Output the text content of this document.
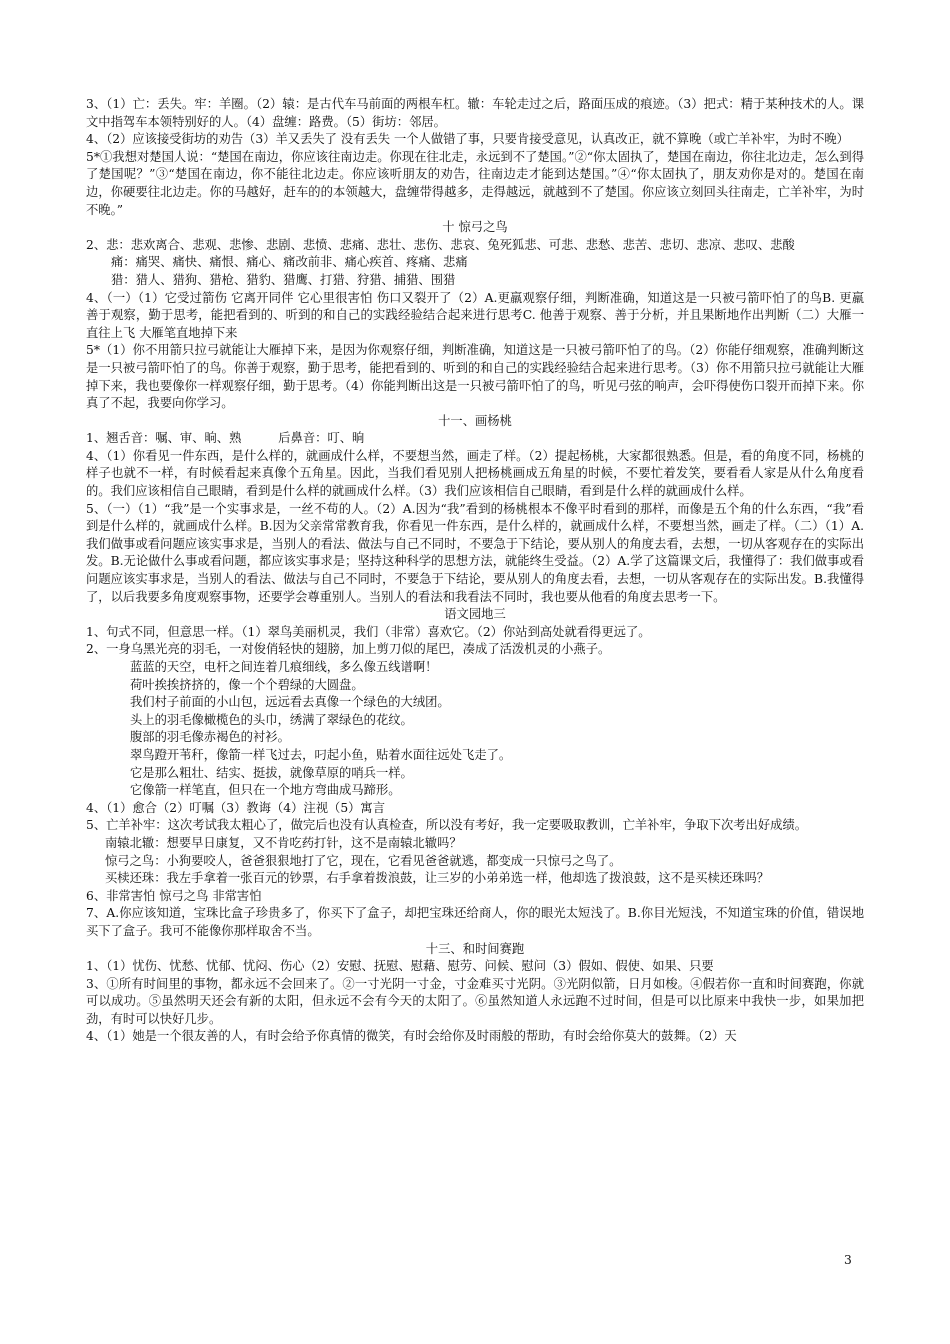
3、（1）亡：丢失。牢：羊圈。（2）辕：是古代车马前面的两根车杠。辙：车轮走过之后，路面压成的痕迹。（3）把式：精于某种技术的人。课文中指驾车本领特别好的人。（4）盘缠：路费。（5）街坊：邻居。

4、（2）应该接受街坊的劝告（3）羊又丢失了 没有丢失 一个人做错了事，只要肯接受意见，认真改正，就不算晚（或亡羊补牢，为时不晚）

5*①我想对楚国人说：“楚国在南边，你应该往南边走。你现在往北走，永远到不了楚国。”②“你太固执了，楚国在南边，你往北边走，怎么到得了楚国呢？”③“楚国在南边，你不能往北边走。你应该听朋友的劝告，往南边走才能到达楚国。”④“你太固执了，朋友劝你是对的。楚国在南边，你硬要往北边走。你的马越好，赶车的的本领越大，盘缠带得越多，走得越远，就越到不了楚国。你应该立刻回头往南走，亡羊补牢，为时不晚。”

十 惊弓之鸟

2、悲：悲欢离合、悲观、悲惨、悲剧、悲愤、悲痛、悲壮、悲伤、悲哀、兔死狐悲、可悲、悲愁、悲苦、悲切、悲凉、悲叹、悲酸

痛：痛哭、痛快、痛恨、痛心、痛改前非、痛心疾首、疼痛、悲痛

猎：猎人、猎狗、猎枪、猎豹、猎鹰、打猎、狩猎、捕猎、围猎

4、（一）（1）它受过箭伤 它离开同伴 它心里很害怕 伤口又裂开了（2）A.更羸观察仔细，判断准确，知道这是一只被弓箭吓怕了的鸟B. 更羸善于观察，勤于思考，能把看到的、听到的和自己的实践经验结合起来进行思考C. 他善于观察、善于分析，并且果断地作出判断（二）大雁一直往上飞 大雁笔直地掉下来

5*（1）你不用箭只拉弓就能让大雁掉下来，是因为你观察仔细，判断准确，知道这是一只被弓箭吓怕了的鸟。（2）你能仔细观察，准确判断这是一只被弓箭吓怕了的鸟。你善于观察，勤于思考，能把看到的、听到的和自己的实践经验结合起来进行思考。（3）你不用箭只拉弓就能让大雁掉下来，我也要像你一样观察仔细，勤于思考。（4）你能判断出这是一只被弓箭吓怕了的鸟，听见弓弦的响声，会吓得使伤口裂开而掉下来。你真了不起，我要向你学习。

十一、画杨桃

1、翘舌音：嘱、审、晌、熟　　　后鼻音：叮、晌

4、（1）你看见一件东西，是什么样的，就画成什么样，不要想当然，画走了样。（2）提起杨桃，大家都很熟悉。但是，看的角度不同，杨桃的样子也就不一样，有时候看起来真像个五角星。因此，当我们看见别人把杨桃画成五角星的时候，不要忙着发笑，要看看人家是从什么角度看的。我们应该相信自己眼睛，看到是什么样的就画成什么样。（3）我们应该相信自己眼睛，看到是什么样的就画成什么样。

5、（一）（1）“我”是一个实事求是，一丝不苟的人。（2）A.因为“我”看到的杨桃根本不像平时看到的那样，而像是五个角的什么东西，“我”看到是什么样的，就画成什么样。B.因为父亲常常教育我，你看见一件东西，是什么样的，就画成什么样，不要想当然，画走了样。（二）（1）A.我们做事或看问题应该实事求是，当别人的看法、做法与自己不同时，不要急于下结论，要从别人的角度去看，去想，一切从客观存在的实际出发。B.无论做什么事或看问题，都应该实事求是；坚持这种科学的思想方法，就能终生受益。（2）A.学了这篇课文后，我懂得了：我们做事或看问题应该实事求是，当别人的看法、做法与自己不同时，不要急于下结论，要从别人的角度去看，去想，一切从客观存在的实际出发。B.我懂得了，以后我要多角度观察事物，还要学会尊重别人。当别人的看法和我看法不同时，我也要从他看的角度去思考一下。

语文园地三

1、句式不同，但意思一样。（1）翠鸟美丽机灵，我们（非常）喜欢它。（2）你站到高处就看得更远了。

2、一身乌黑光亮的羽毛，一对俊俏轻快的翅膀，加上剪刀似的尾巴，凑成了活泼机灵的小燕子。

蓝蓝的天空，电杆之间连着几痕细线，多么像五线谱啊！

荷叶挨挨挤挤的，像一个个碧绿的大圆盘。

我们村子前面的小山包，远远看去真像一个绿色的大绒团。

头上的羽毛像橄榄色的头巾，绣满了翠绿色的花纹。

腹部的羽毛像赤褐色的衬衫。

翠鸟蹬开苇秆，像箭一样飞过去，叼起小鱼，贴着水面往远处飞走了。

它是那么粗壮、结实、挺拔，就像草原的哨兵一样。

它像箭一样笔直，但只在一个地方弯曲成马蹄形。

4、（1）愈合（2）叮嘱（3）教诲（4）注视（5）寓言

5、亡羊补牢：这次考试我太粗心了，做完后也没有认真检查，所以没有考好，我一定要吸取教训，亡羊补牢，争取下次考出好成绩。

南辕北辙：想要早日康复，又不肯吃药打针，这不是南辕北辙吗？

惊弓之鸟：小狗要咬人，爸爸狠狠地打了它，现在，它看见爸爸就逃，都变成一只惊弓之鸟了。

买椟还珠：我左手拿着一张百元的钞票，右手拿着拨浪鼓，让三岁的小弟弟选一样，他却选了拨浪鼓，这不是买椟还珠吗？

6、非常害怕 惊弓之鸟 非常害怕

7、A.你应该知道，宝珠比盒子珍贵多了，你买下了盒子，却把宝珠还给商人，你的眼光太短浅了。B.你目光短浅，不知道宝珠的价值，错误地买下了盒子。我可不能像你那样取舍不当。

十三、和时间赛跑

1、（1）忧伤、忧愁、忧郁、忧闷、伤心（2）安慰、抚慰、慰藉、慰劳、问候、慰问（3）假如、假使、如果、只要

3、①所有时间里的事物，都永远不会回来了。②一寸光阴一寸金，寸金难买寸光阴。③光阴似箭，日月如梭。④假若你一直和时间赛跑，你就可以成功。⑤虽然明天还会有新的太阳，但永远不会有今天的太阳了。⑥虽然知道人永远跑不过时间，但是可以比原来中我快一步，如果加把劲，有时可以快好几步。

4、（1）她是一个很友善的人，有时会给予你真情的微笑，有时会给你及时雨般的帮助，有时会给你莫大的鼓舞。（2）天

3
